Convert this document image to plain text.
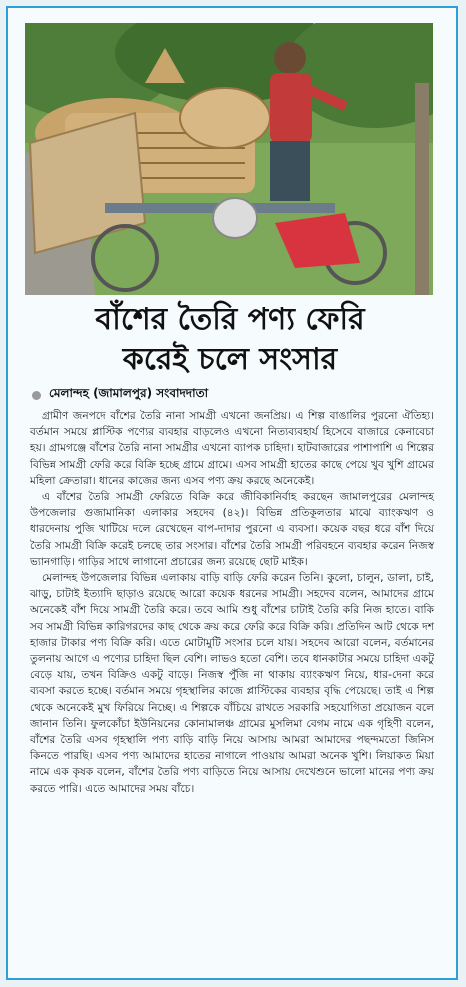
বাঁশের তৈরি পণ্য ফেরি
করেই চলে সংসার
মেলান্দহ (জামালপুর) সংবাদদাতা

গ্রামীণ জনপদে বাঁশের তৈরি নানা সামগ্রী এখনো জনপ্রিয়। এ শিল্প বাঙালির পুরনো ঐতিহ্য। বর্তমান সময়ে প্লাস্টিক পণ্যের ব্যবহার বাড়লেও এখনো নিত্যব্যবহার্য হিসেবে বাজারে কেনাবেচা হয়। গ্রামগঞ্জে বাঁশের তৈরি নানা সামগ্রীর এখনো ব্যাপক চাহিদা। হাটবাজারের পাশাপাশি এ শিল্পের বিভিন্ন সামগ্রী ফেরি করে বিক্রি হচ্ছে গ্রামে গ্রামে। এসব সামগ্রী হাতের কাছে পেয়ে খুব খুশি গ্রামের মহিলা ক্রেতারা। ধানের কাজের জন্য এসব পণ্য ক্রয় করছে অনেকেই।

এ বাঁশের তৈরি সামগ্রী ফেরিতে বিক্রি করে জীবিকানির্বাহ করছেন জামালপুরের মেলান্দহ উপজেলার গুজামানিকা এলাকার সহদেব (৪২)। বিভিন্ন প্রতিকূলতার মাঝে ব্যাংকঋণ ও ধারদেনায় পুজি খাটিয়ে দলে রেখেছেন বাপ-দাদার পুরনো এ ব্যবসা। কয়েক বছর ধরে বাঁশ দিয়ে তৈরি সামগ্রী বিক্রি করেই চলছে তার সংসার। বাঁশের তৈরি সামগ্রী পরিবহনে ব্যবহার করেন নিজস্ব ভ্যানগাড়ি। গাড়ির সাথে লাগানো প্রচারের জন্য রয়েছে ছোট মাইক।

মেলান্দহ উপজেলার বিভিন্ন এলাকায় বাড়ি বাড়ি ফেরি করেন তিনি। কুলো, চালুন, ডালা, চাই, ঝাড়ু, চাটাই ইত্যাদি ছাড়াও রয়েছে আরো কয়েক ধরনের সামগ্রী। সহদেব বলেন, আমাদের গ্রামে অনেকেই বাঁশ দিয়ে সামগ্রী তৈরি করে। তবে আমি শুধু বাঁশের চাটাই তৈরি করি নিজ হাতে। বাকি সব সামগ্রী বিভিন্ন কারিগরদের কাছ থেকে ক্রয় করে ফেরি করে বিক্রি করি। প্রতিদিন আট থেকে দশ হাজার টাকার পণ্য বিক্রি করি। এতে মোটামুটি সংসার চলে যায়। সহদেব আরো বলেন, বর্তমানের তুলনায় আগে এ পণ্যের চাহিদা ছিল বেশি। লাভও হতো বেশি। তবে ধানকাটার সময়ে চাহিদা একটু বেড়ে যায়, তখন বিক্রিও একটু বাড়ে। নিজস্ব পুঁজি না থাকায় ব্যাংকঋণ নিয়ে, ধার-দেনা করে ব্যবসা করতে হচ্ছে। বর্তমান সময়ে গৃহস্থালির কাজে প্লাস্টিকের ব্যবহার বৃদ্ধি পেয়েছে। তাই এ শিল্প থেকে অনেকেই মুখ ফিরিয়ে নিচ্ছে। এ শিল্পকে বাঁচিয়ে রাখতে সরকারি সহযোগিতা প্রয়োজন বলে জানান তিনি। ফুলকোঁচা ইউনিয়নের কোনামালঞ্চ গ্রামের মুসলিমা বেগম নামে এক গৃহিণী বলেন, বাঁশের তৈরি এসব গৃহস্থালি পণ্য বাড়ি বাড়ি নিয়ে আসায় আমরা আমাদের পছন্দমতো জিনিস কিনতে পারছি। এসব পণ্য আমাদের হাতের নাগালে পাওয়ায় আমরা অনেক খুশি। লিয়াকত মিয়া নামে এক কৃষক বলেন, বাঁশের তৈরি পণ্য বাড়িতে নিয়ে আসায় দেখেশুনে ভালো মানের পণ্য ক্রয় করতে পারি। এতে আমাদের সময় বাঁচে।
